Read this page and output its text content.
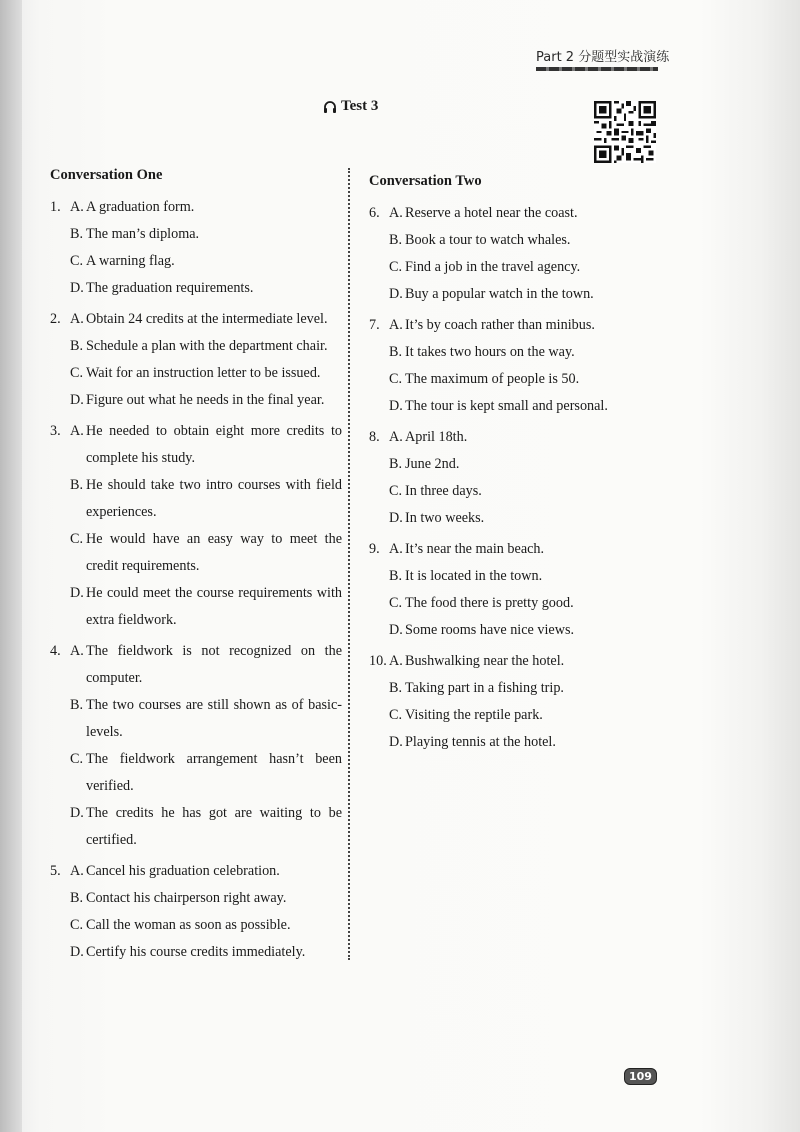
Part 2 分题型实战演练
Test 3
Conversation One
1. A. A graduation form.
B. The man’s diploma.
C. A warning flag.
D. The graduation requirements.
2. A. Obtain 24 credits at the intermediate level.
B. Schedule a plan with the department chair.
C. Wait for an instruction letter to be issued.
D. Figure out what he needs in the final year.
3. A. He needed to obtain eight more credits to complete his study.
B. He should take two intro courses with field experiences.
C. He would have an easy way to meet the credit requirements.
D. He could meet the course requirements with extra fieldwork.
4. A. The fieldwork is not recognized on the computer.
B. The two courses are still shown as of basic-levels.
C. The fieldwork arrangement hasn’t been verified.
D. The credits he has got are waiting to be certified.
5. A. Cancel his graduation celebration.
B. Contact his chairperson right away.
C. Call the woman as soon as possible.
D. Certify his course credits immediately.
Conversation Two
6. A. Reserve a hotel near the coast.
B. Book a tour to watch whales.
C. Find a job in the travel agency.
D. Buy a popular watch in the town.
7. A. It’s by coach rather than minibus.
B. It takes two hours on the way.
C. The maximum of people is 50.
D. The tour is kept small and personal.
8. A. April 18th.
B. June 2nd.
C. In three days.
D. In two weeks.
9. A. It’s near the main beach.
B. It is located in the town.
C. The food there is pretty good.
D. Some rooms have nice views.
10. A. Bushwalking near the hotel.
B. Taking part in a fishing trip.
C. Visiting the reptile park.
D. Playing tennis at the hotel.
109
